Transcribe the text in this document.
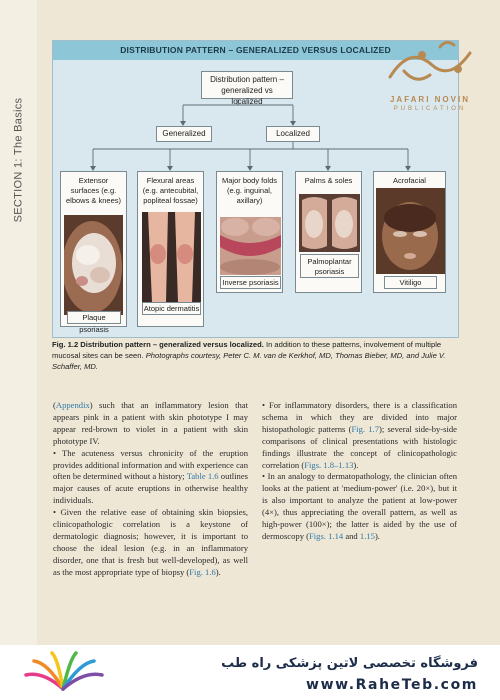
SECTION 1: The Basics
DISTRIBUTION PATTERN – GENERALIZED VERSUS LOCALIZED
Distribution pattern – generalized vs localized
Generalized	Localized
Extensor surfaces (e.g. elbows & knees)
Plaque psoriasis
Flexural areas (e.g. antecubital, popliteal fossae)
Atopic dermatitis
Major body folds (e.g. inguinal, axillary)
Inverse psoriasis
Palms & soles
Palmoplantar psoriasis
Acrofacial
Vitiligo
JAFARI NOVIN
PUBLICATION
Fig. 1.2 Distribution pattern – generalized versus localized. In addition to these patterns, involvement of multiple mucosal sites can be seen. Photographs courtesy, Peter C. M. van de Kerkhof, MD, Thomas Bieber, MD, and Julie V. Schaffer, MD.

(Appendix) such that an inflammatory lesion that appears pink in a patient with skin phototype I may appear red-brown to violet in a patient with skin phototype IV.

• The acuteness versus chronicity of the eruption provides additional information and with experience can often be determined without a history; Table 1.6 outlines major causes of acute eruptions in otherwise healthy individuals.

• Given the relative ease of obtaining skin biopsies, clinicopathologic correlation is a keystone of dermatologic diagnosis; however, it is important to choose the ideal lesion (e.g. in an inflammatory disorder, one that is fresh but well-developed), as well as the most appropriate type of biopsy (Fig. 1.6).

• For inflammatory disorders, there is a classification schema in which they are divided into major histopathologic patterns (Fig. 1.7); several side-by-side comparisons of clinical presentations with histologic findings illustrate the concept of clinicopathologic correlation (Figs. 1.8–1.13).

• In an analogy to dermatopathology, the clinician often looks at the patient at 'medium-power' (i.e. 20×), but it is also important to analyze the patient at low-power (4×), thus appreciating the overall pattern, as well as high-power (100×); the latter is aided by the use of dermoscopy (Figs. 1.14 and 1.15).

فروشگاه تخصصی لاتین پزشکی راه طب
www.RaheTeb.com
